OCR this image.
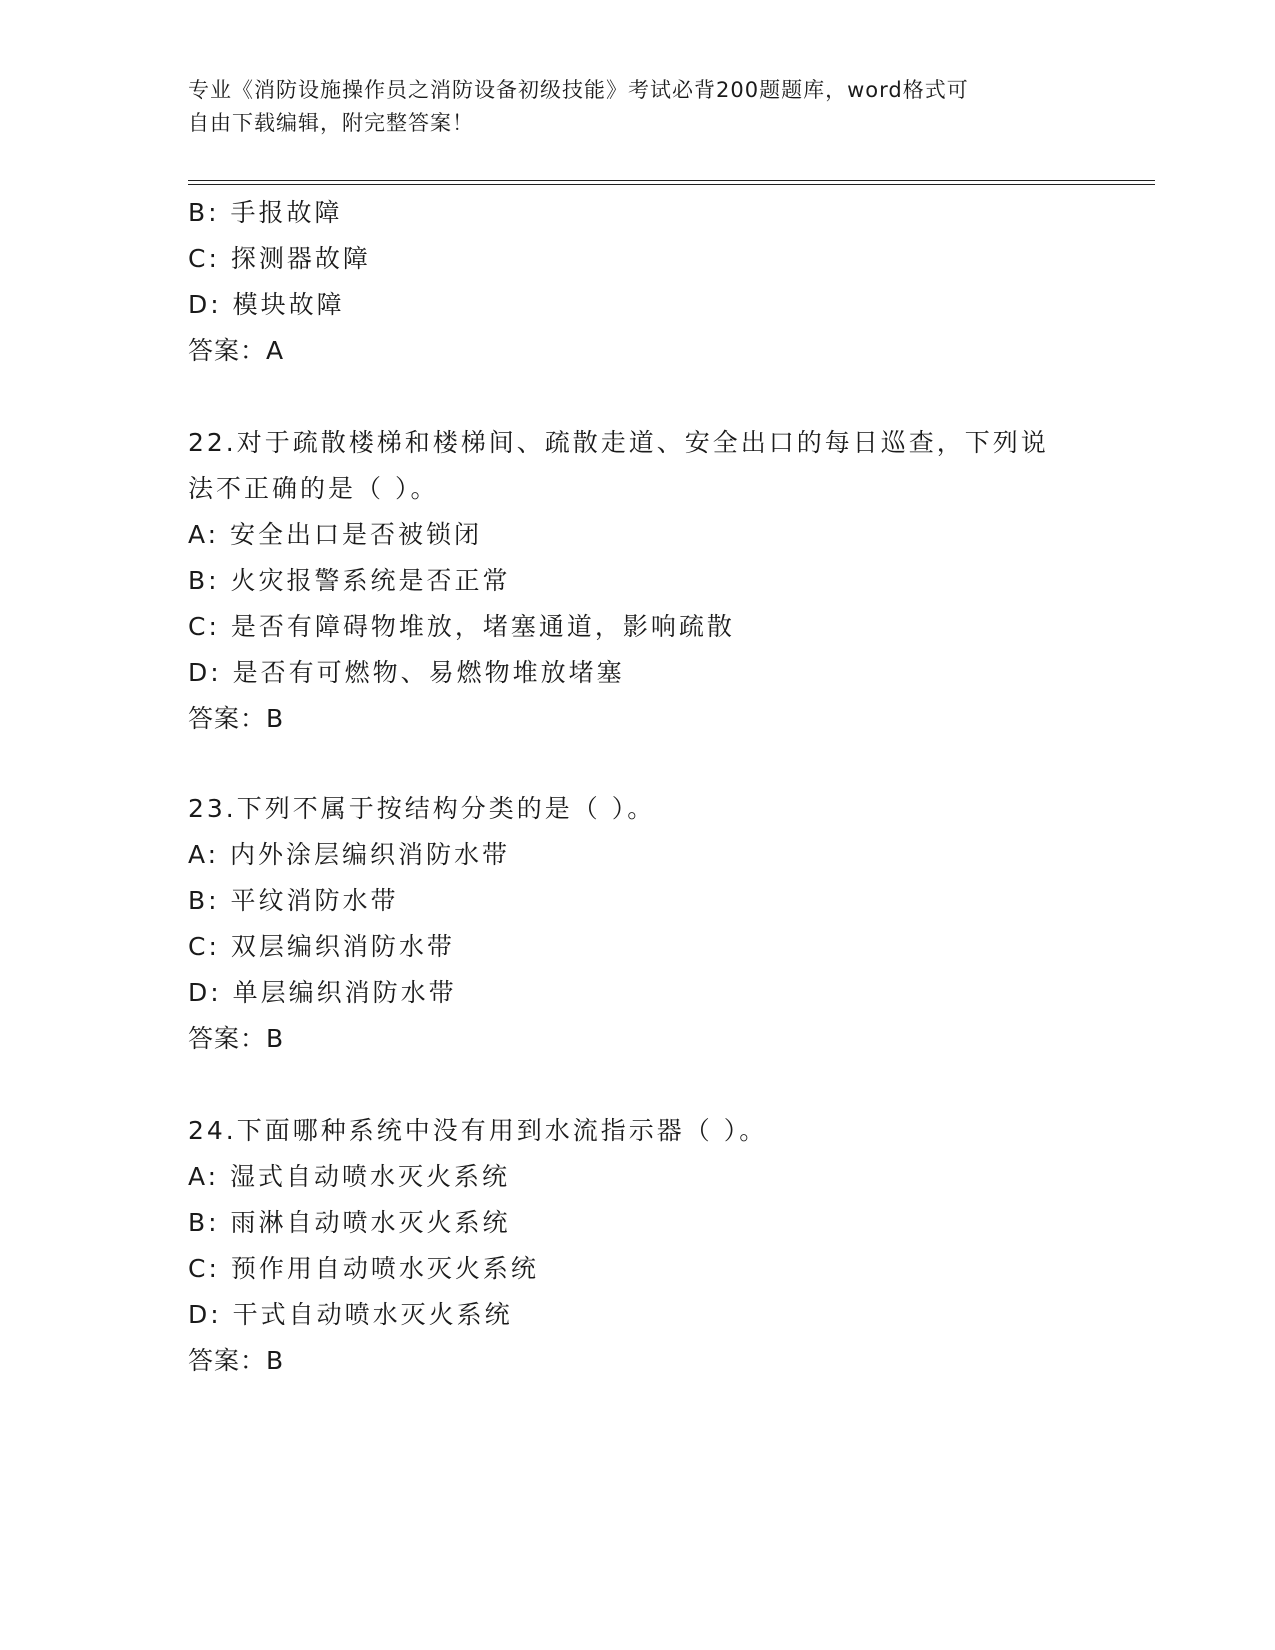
专业《消防设施操作员之消防设备初级技能》考试必背200题题库，word格式可
自由下载编辑，附完整答案！
B: 手报故障
C: 探测器故障
D: 模块故障
答案：A
22.对于疏散楼梯和楼梯间、疏散走道、安全出口的每日巡查，下列说
法不正确的是（ ）。
A: 安全出口是否被锁闭
B: 火灾报警系统是否正常
C: 是否有障碍物堆放，堵塞通道，影响疏散
D: 是否有可燃物、易燃物堆放堵塞
答案：B
23.下列不属于按结构分类的是（ ）。
A: 内外涂层编织消防水带
B: 平纹消防水带
C: 双层编织消防水带
D: 单层编织消防水带
答案：B
24.下面哪种系统中没有用到水流指示器（ ）。
A: 湿式自动喷水灭火系统
B: 雨淋自动喷水灭火系统
C: 预作用自动喷水灭火系统
D: 干式自动喷水灭火系统
答案：B
